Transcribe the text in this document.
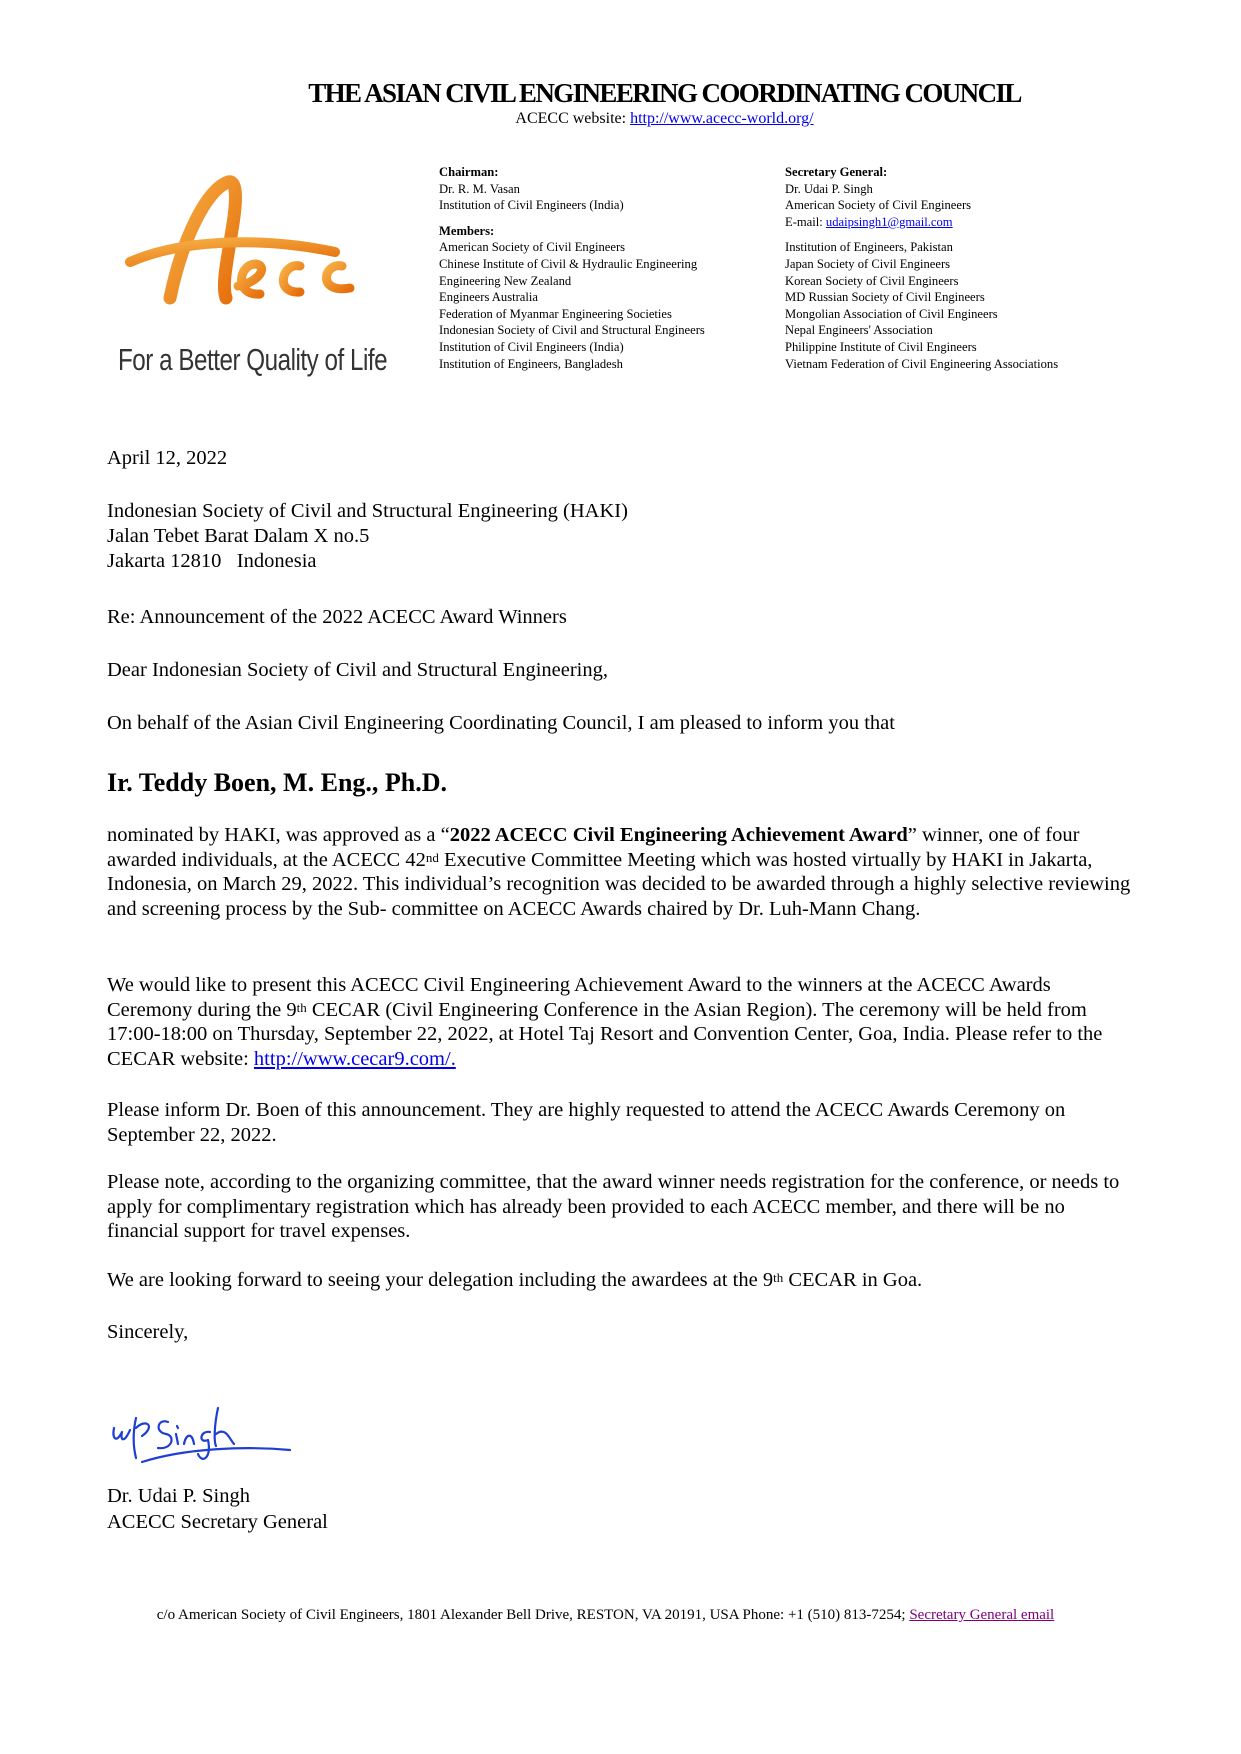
THE ASIAN CIVIL ENGINEERING COORDINATING COUNCIL
ACECC website: http://www.acecc-world.org/
For a Better Quality of Life
Chairman:
Dr. R. M. Vasan
Institution of Civil Engineers (India)
Members:
American Society of Civil Engineers
Chinese Institute of Civil & Hydraulic Engineering
Engineering New Zealand
Engineers Australia
Federation of Myanmar Engineering Societies
Indonesian Society of Civil and Structural Engineers
Institution of Civil Engineers (India)
Institution of Engineers, Bangladesh
Secretary General:
Dr. Udai P. Singh
American Society of Civil Engineers
E-mail: udaipsingh1@gmail.com
Institution of Engineers, Pakistan
Japan Society of Civil Engineers
Korean Society of Civil Engineers
MD Russian Society of Civil Engineers
Mongolian Association of Civil Engineers
Nepal Engineers' Association
Philippine Institute of Civil Engineers
Vietnam Federation of Civil Engineering Associations
April 12, 2022
Indonesian Society of Civil and Structural Engineering (HAKI)
Jalan Tebet Barat Dalam X no.5
Jakarta 12810   Indonesia
Re: Announcement of the 2022 ACECC Award Winners
Dear Indonesian Society of Civil and Structural Engineering,
On behalf of the Asian Civil Engineering Coordinating Council, I am pleased to inform you that
Ir. Teddy Boen, M. Eng., Ph.D.
nominated by HAKI, was approved as a “2022 ACECC Civil Engineering Achievement Award” winner, one of four awarded individuals, at the ACECC 42nd Executive Committee Meeting which was hosted virtually by HAKI in Jakarta, Indonesia, on March 29, 2022. This individual’s recognition was decided to be awarded through a highly selective reviewing and screening process by the Sub- committee on ACECC Awards chaired by Dr. Luh-Mann Chang.
We would like to present this ACECC Civil Engineering Achievement Award to the winners at the ACECC Awards Ceremony during the 9th CECAR (Civil Engineering Conference in the Asian Region). The ceremony will be held from 17:00-18:00 on Thursday, September 22, 2022, at Hotel Taj Resort and Convention Center, Goa, India. Please refer to the CECAR website: http://www.cecar9.com/.
Please inform Dr. Boen of this announcement. They are highly requested to attend the ACECC Awards Ceremony on September 22, 2022.
Please note, according to the organizing committee, that the award winner needs registration for the conference, or needs to apply for complimentary registration which has already been provided to each ACECC member, and there will be no financial support for travel expenses.
We are looking forward to seeing your delegation including the awardees at the 9th CECAR in Goa.
Sincerely,
Dr. Udai P. Singh
ACECC Secretary General
c/o American Society of Civil Engineers, 1801 Alexander Bell Drive, RESTON, VA 20191, USA Phone: +1 (510) 813-7254; Secretary General email
